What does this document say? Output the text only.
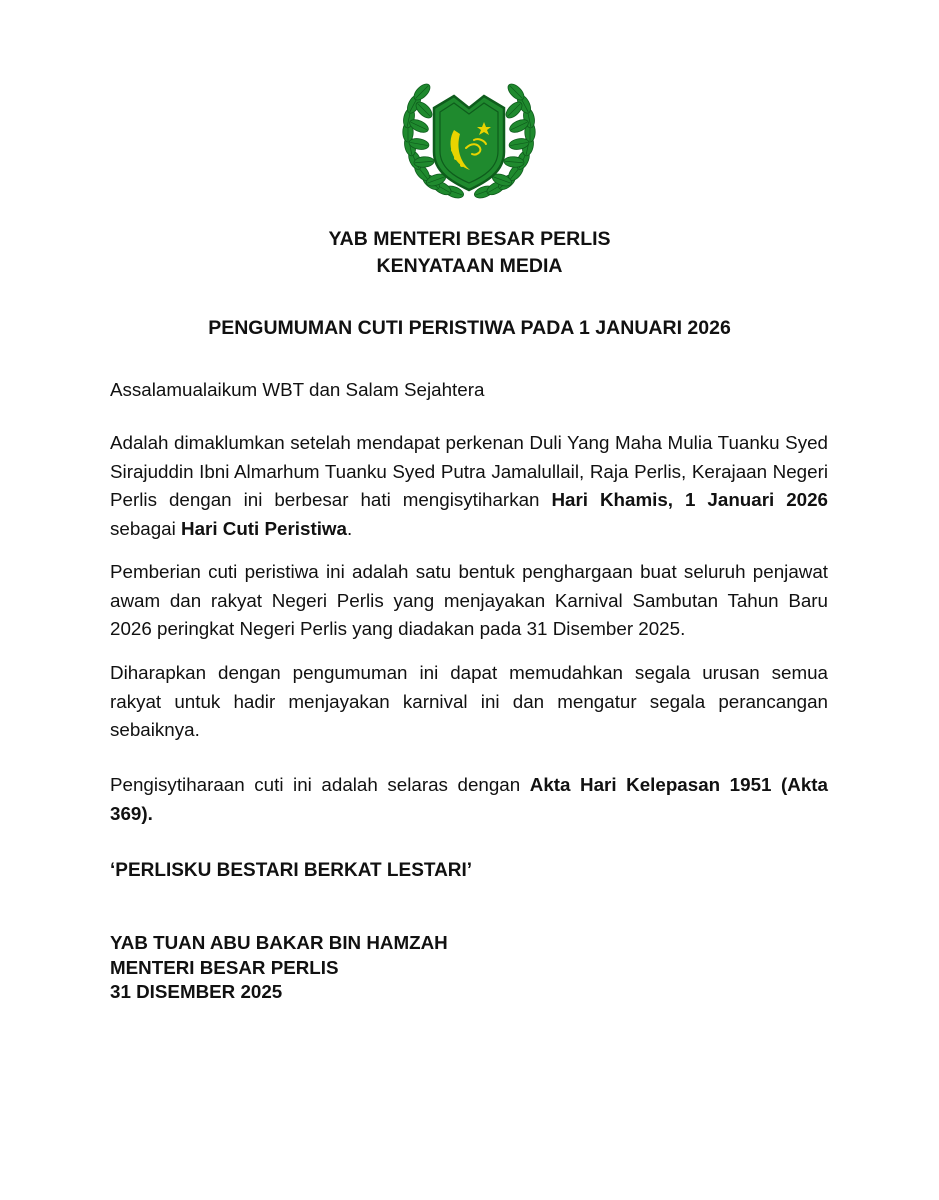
YAB MENTERI BESAR PERLIS
KENYATAAN MEDIA
PENGUMUMAN CUTI PERISTIWA PADA 1 JANUARI 2026
Assalamualaikum WBT dan Salam Sejahtera
Adalah dimaklumkan setelah mendapat perkenan Duli Yang Maha Mulia Tuanku Syed Sirajuddin Ibni Almarhum Tuanku Syed Putra Jamalullail, Raja Perlis, Kerajaan Negeri Perlis dengan ini berbesar hati mengisytiharkan Hari Khamis, 1 Januari 2026 sebagai Hari Cuti Peristiwa.
Pemberian cuti peristiwa ini adalah satu bentuk penghargaan buat seluruh penjawat awam dan rakyat Negeri Perlis yang menjayakan Karnival Sambutan Tahun Baru 2026 peringkat Negeri Perlis yang diadakan pada 31 Disember 2025.
Diharapkan dengan pengumuman ini dapat memudahkan segala urusan semua rakyat untuk hadir menjayakan karnival ini dan mengatur segala perancangan sebaiknya.
Pengisytiharaan cuti ini adalah selaras dengan Akta Hari Kelepasan 1951 (Akta 369).
‘PERLISKU BESTARI BERKAT LESTARI’
YAB TUAN ABU BAKAR BIN HAMZAH
MENTERI BESAR PERLIS
31 DISEMBER 2025
